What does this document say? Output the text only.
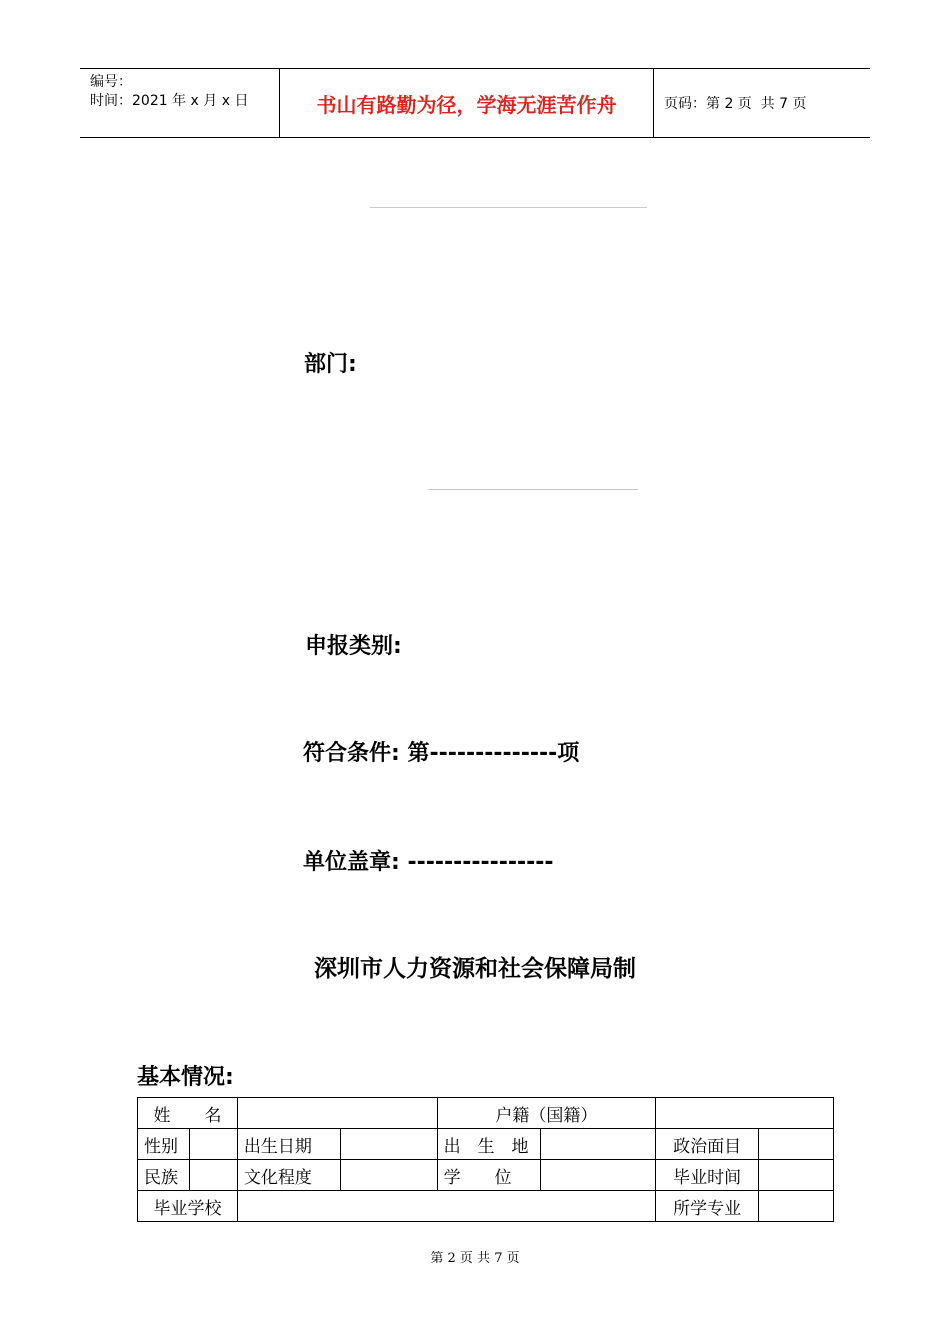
编号：
时间：2021 年 x 月 x 日	书山有路勤为径，学海无涯苦作舟	页码：第 2 页  共 7 页
部门:
申报类别:
符合条件: 第--------------项
单位盖章: ----------------
深圳市人力资源和社会保障局制
基本情况:
姓　　名				户籍（国籍）			
性别		出生日期		出　生　地		政治面目	
民族		文化程度		学　　位		毕业时间	
毕业学校						所学专业	
第 2 页 共 7 页
